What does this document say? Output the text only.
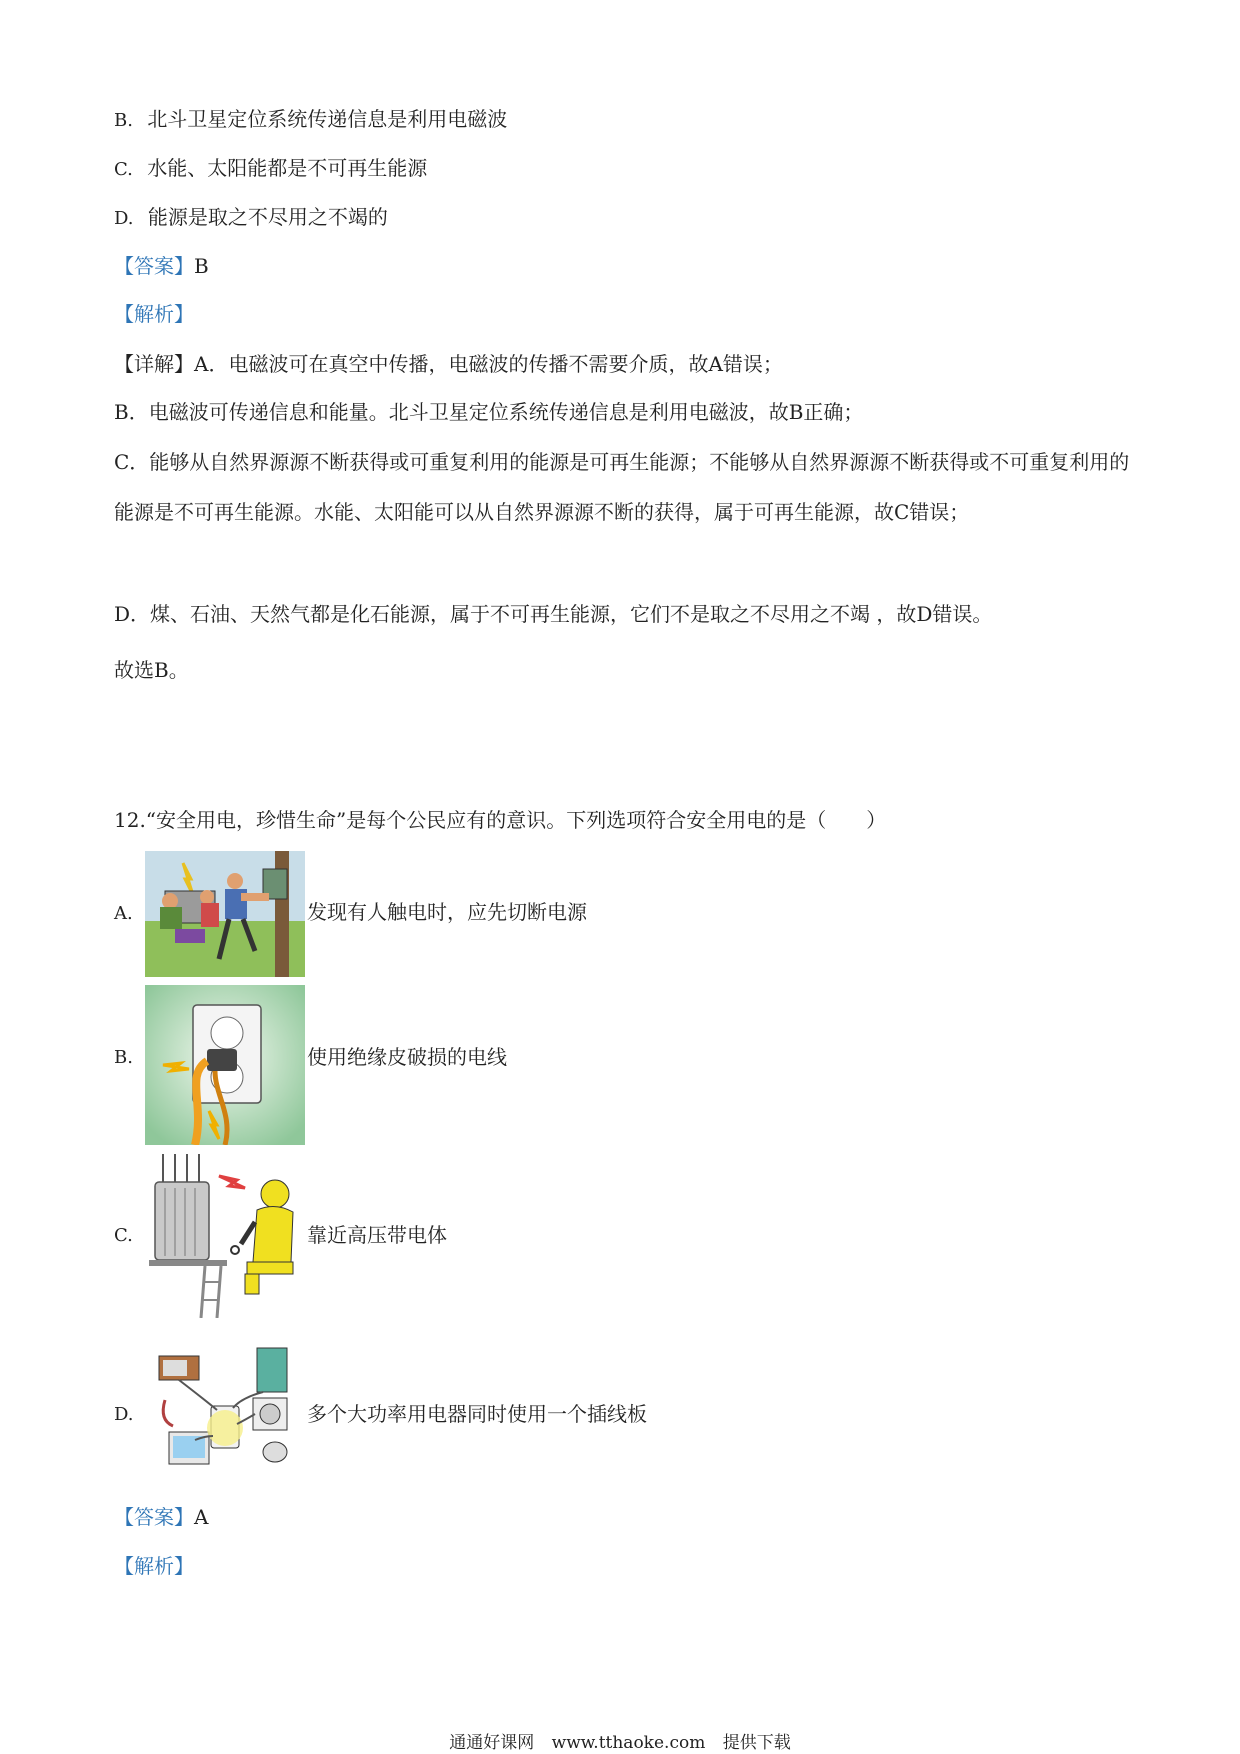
B. 北斗卫星定位系统传递信息是利用电磁波
C. 水能、太阳能都是不可再生能源
D. 能源是取之不尽用之不竭的
【答案】B
【解析】
【详解】A．电磁波可在真空中传播，电磁波的传播不需要介质，故A错误；
B．电磁波可传递信息和能量。北斗卫星定位系统传递信息是利用电磁波，故B正确；
C．能够从自然界源源不断获得或可重复利用的能源是可再生能源；不能够从自然界源源不断获得或不可重复利用的能源是不可再生能源。水能、太阳能可以从自然界源源不断的获得，属于可再生能源，故C错误；
D．煤、石油、天然气都是化石能源，属于不可再生能源，它们不是取之不尽用之不竭 ，故D错误。
故选B。
12.“安全用电，珍惜生命”是每个公民应有的意识。下列选项符合安全用电的是（　　）
A.	发现有人触电时，应先切断电源
B.	使用绝缘皮破损的电线
C.	靠近高压带电体
D.	多个大功率用电器同时使用一个插线板
【答案】A
【解析】
通通好课网 www.tthaoke.com 提供下载
